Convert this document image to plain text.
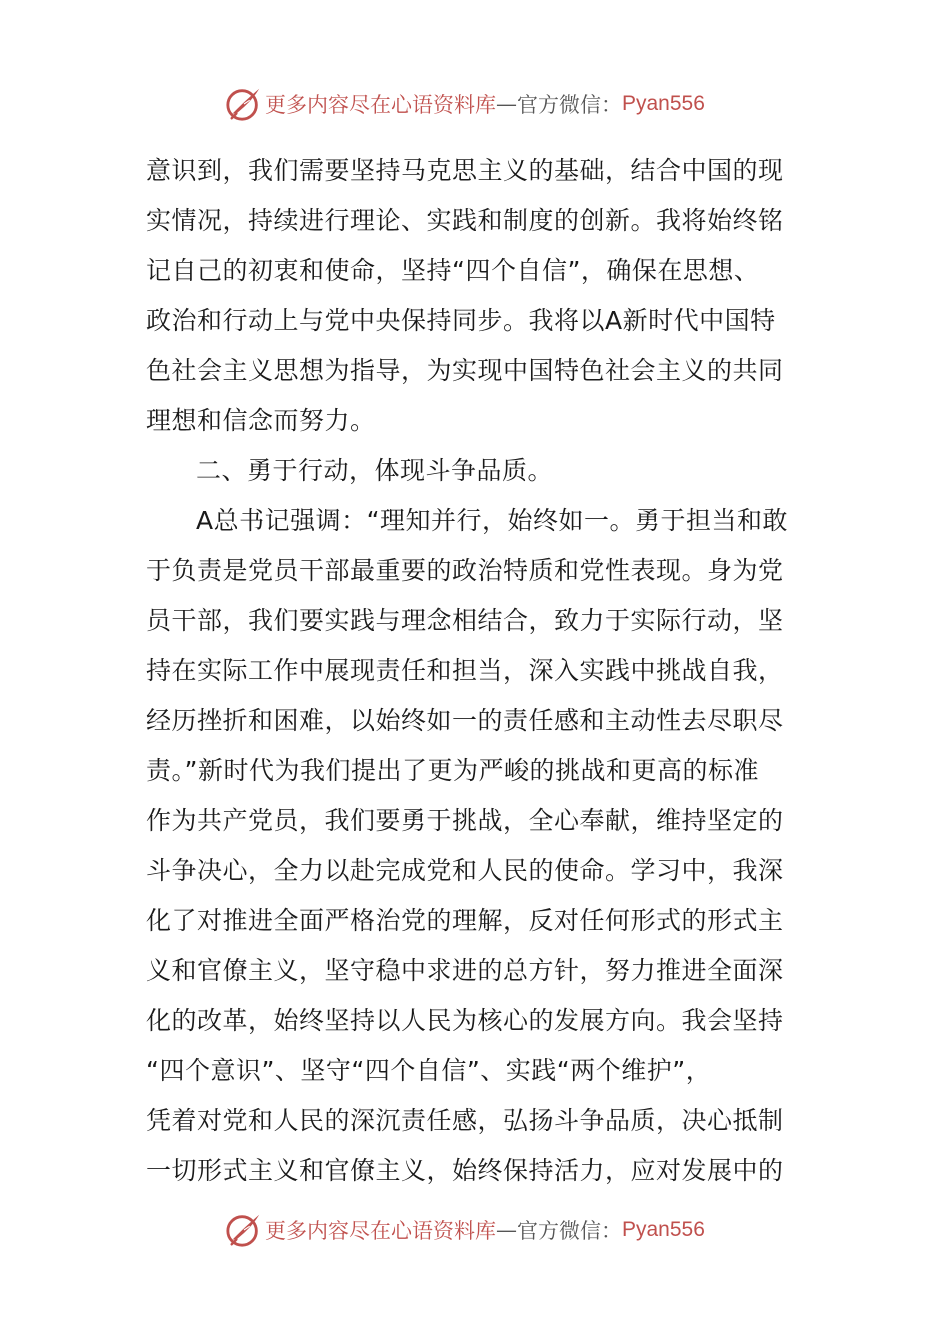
更多内容尽在心语资料库 — 官方微信： Pyan556
意识到，我们需要坚持马克思主义的基础，结合中国的现
实情况，持续进行理论、实践和制度的创新。我将始终铭
记自己的初衷和使命，坚持“四个自信”，确保在思想、
政治和行动上与党中央保持同步。我将以A新时代中国特
色社会主义思想为指导，为实现中国特色社会主义的共同
理想和信念而努力。
二、勇于行动，体现斗争品质。
A总书记强调：“理知并行，始终如一。勇于担当和敢
于负责是党员干部最重要的政治特质和党性表现。身为党
员干部，我们要实践与理念相结合，致力于实际行动，坚
持在实际工作中展现责任和担当，深入实践中挑战自我，
经历挫折和困难，以始终如一的责任感和主动性去尽职尽
责。”新时代为我们提出了更为严峻的挑战和更高的标准
作为共产党员，我们要勇于挑战，全心奉献，维持坚定的
斗争决心，全力以赴完成党和人民的使命。学习中，我深
化了对推进全面严格治党的理解，反对任何形式的形式主
义和官僚主义，坚守稳中求进的总方针，努力推进全面深
化的改革，始终坚持以人民为核心的发展方向。我会坚持
“四个意识”、坚守“四个自信”、实践“两个维护”，
凭着对党和人民的深沉责任感，弘扬斗争品质，决心抵制
一切形式主义和官僚主义，始终保持活力，应对发展中的
更多内容尽在心语资料库 — 官方微信： Pyan556
